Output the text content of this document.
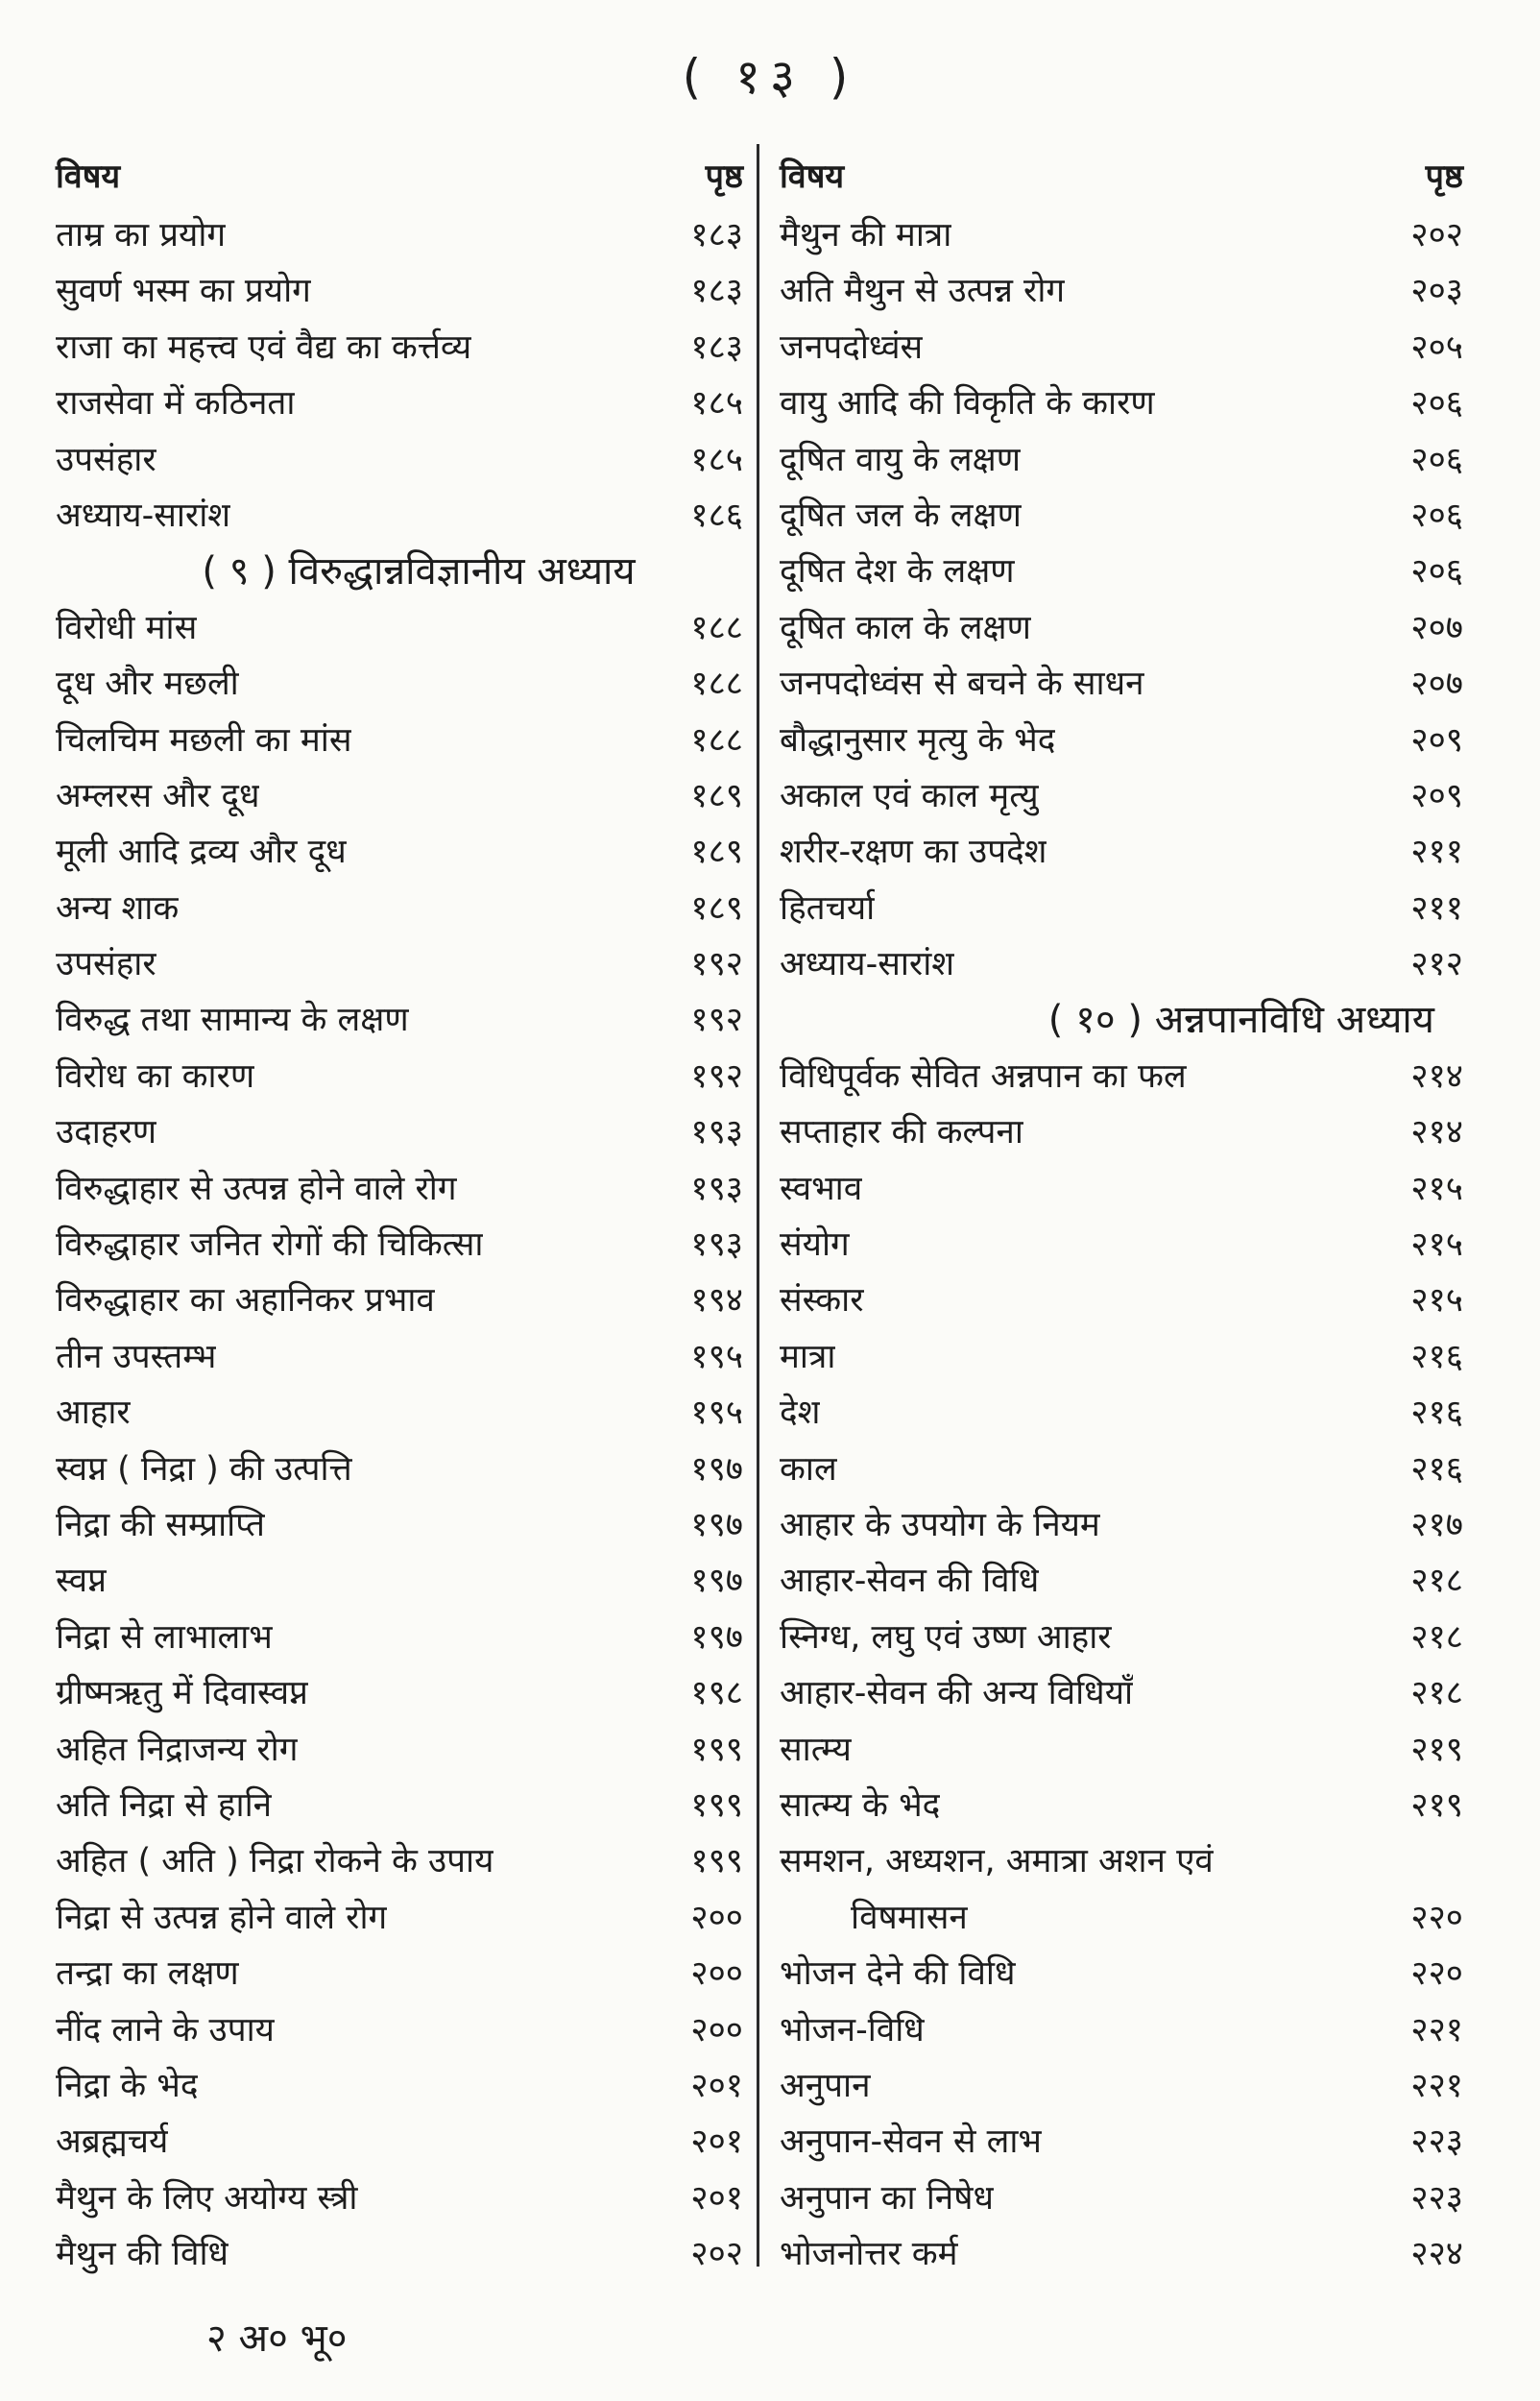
( १३ )
विषय	पृष्ठ
ताम्र का प्रयोग	१८३
सुवर्ण भस्म का प्रयोग	१८३
राजा का महत्त्व एवं वैद्य का कर्त्तव्य	१८३
राजसेवा में कठिनता	१८५
उपसंहार	१८५
अध्याय-सारांश	१८६
( ९ ) विरुद्धान्नविज्ञानीय अध्याय
विरोधी मांस	१८८
दूध और मछली	१८८
चिलचिम मछली का मांस	१८८
अम्लरस और दूध	१८९
मूली आदि द्रव्य और दूध	१८९
अन्य शाक	१८९
उपसंहार	१९२
विरुद्ध तथा सामान्य के लक्षण	१९२
विरोध का कारण	१९२
उदाहरण	१९३
विरुद्धाहार से उत्पन्न होने वाले रोग	१९३
विरुद्धाहार जनित रोगों की चिकित्सा	१९३
विरुद्धाहार का अहानिकर प्रभाव	१९४
तीन उपस्तम्भ	१९५
आहार	१९५
स्वप्न ( निद्रा ) की उत्पत्ति	१९७
निद्रा की सम्प्राप्ति	१९७
स्वप्न	१९७
निद्रा से लाभालाभ	१९७
ग्रीष्मऋतु में दिवास्वप्न	१९८
अहित निद्राजन्य रोग	१९९
अति निद्रा से हानि	१९९
अहित ( अति ) निद्रा रोकने के उपाय	१९९
निद्रा से उत्पन्न होने वाले रोग	२००
तन्द्रा का लक्षण	२००
नींद लाने के उपाय	२००
निद्रा के भेद	२०१
अब्रह्मचर्य	२०१
मैथुन के लिए अयोग्य स्त्री	२०१
मैथुन की विधि	२०२
विषय	पृष्ठ
मैथुन की मात्रा	२०२
अति मैथुन से उत्पन्न रोग	२०३
जनपदोध्वंस	२०५
वायु आदि की विकृति के कारण	२०६
दूषित वायु के लक्षण	२०६
दूषित जल के लक्षण	२०६
दूषित देश के लक्षण	२०६
दूषित काल के लक्षण	२०७
जनपदोध्वंस से बचने के साधन	२०७
बौद्धानुसार मृत्यु के भेद	२०९
अकाल एवं काल मृत्यु	२०९
शरीर-रक्षण का उपदेश	२११
हितचर्या	२११
अध्याय-सारांश	२१२
( १० ) अन्नपानविधि अध्याय
विधिपूर्वक सेवित अन्नपान का फल	२१४
सप्ताहार की कल्पना	२१४
स्वभाव	२१५
संयोग	२१५
संस्कार	२१५
मात्रा	२१६
देश	२१६
काल	२१६
आहार के उपयोग के नियम	२१७
आहार-सेवन की विधि	२१८
स्निग्ध, लघु एवं उष्ण आहार	२१८
आहार-सेवन की अन्य विधियाँ	२१८
सात्म्य	२१९
सात्म्य के भेद	२१९
समशन, अध्यशन, अमात्रा अशन एवं
विषमासन	२२०
भोजन देने की विधि	२२०
भोजन-विधि	२२१
अनुपान	२२१
अनुपान-सेवन से लाभ	२२३
अनुपान का निषेध	२२३
भोजनोत्तर कर्म	२२४
२ अ० भू०
